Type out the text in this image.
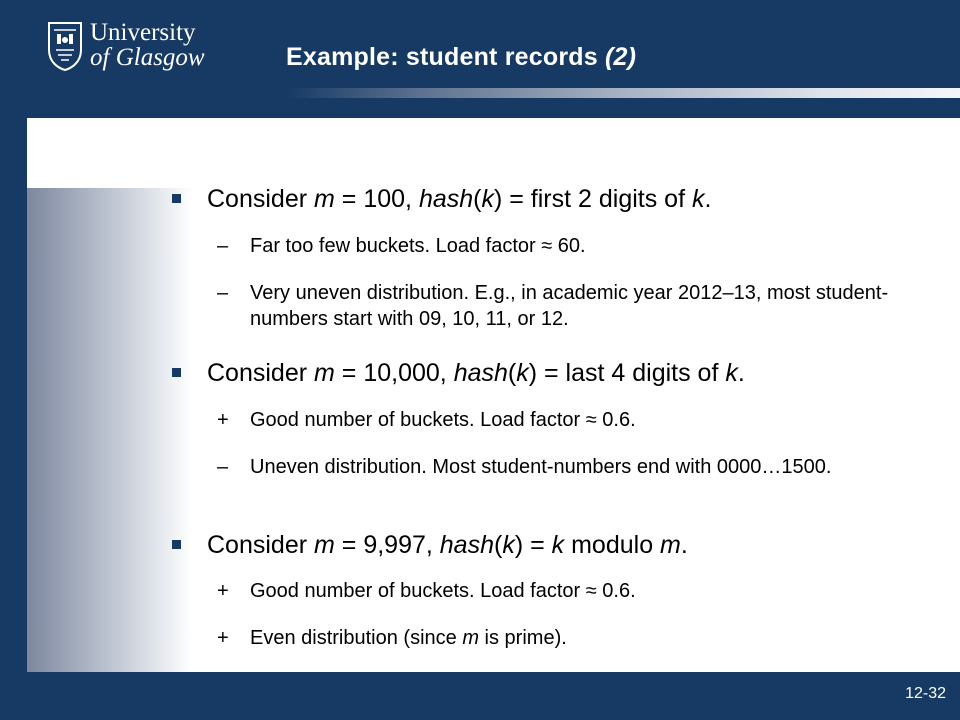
University
of Glasgow	Example: student records (2)
Consider m = 100, hash(k) = first 2 digits of k.
–	Far too few buckets. Load factor ≈ 60.
–	Very uneven distribution. E.g., in academic year 2012–13, most student-numbers start with 09, 10, 11, or 12.
Consider m = 10,000, hash(k) = last 4 digits of k.
+	Good number of buckets. Load factor ≈ 0.6.
–	Uneven distribution. Most student-numbers end with 0000…1500.
Consider m = 9,997, hash(k) = k modulo m.
+	Good number of buckets. Load factor ≈ 0.6.
+	Even distribution (since m is prime).
12-32
